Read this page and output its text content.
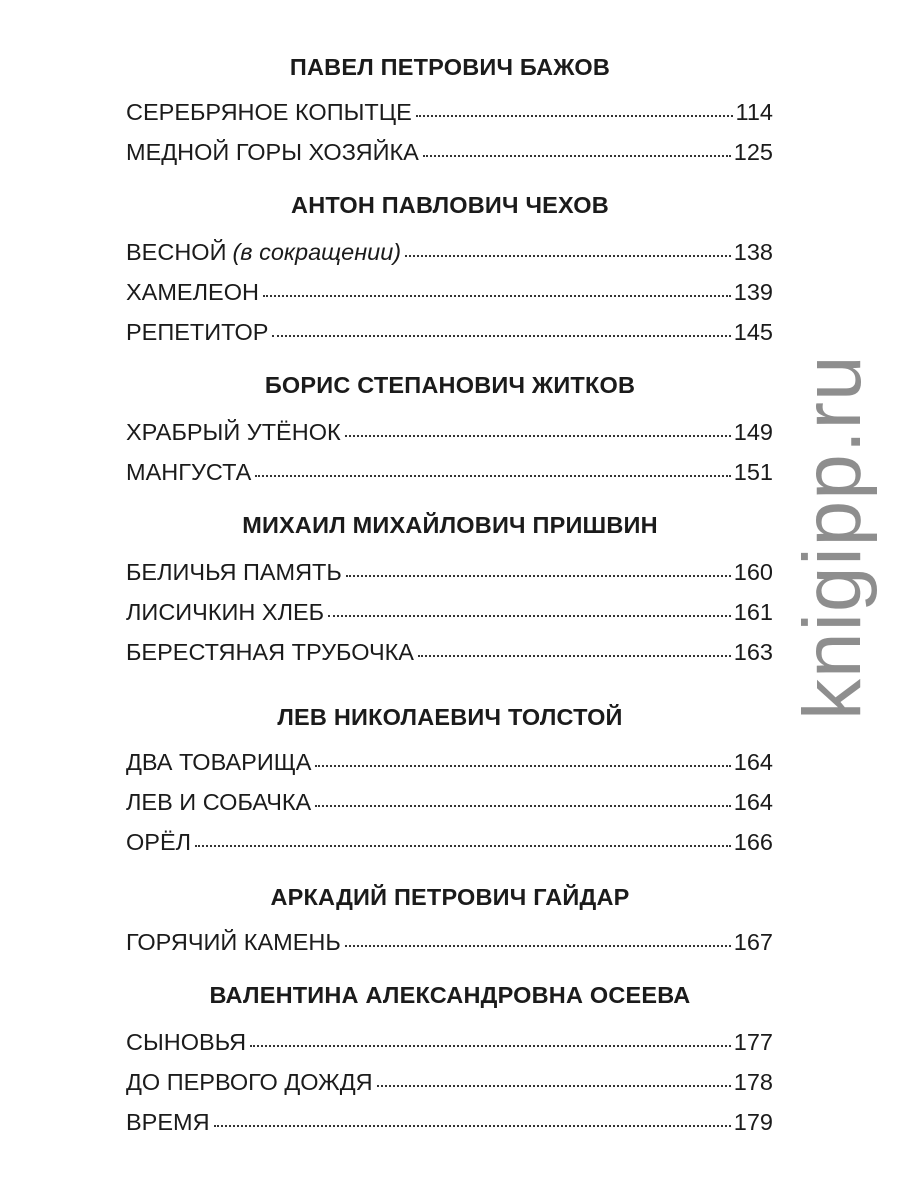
ПАВЕЛ ПЕТРОВИЧ БАЖОВ
СЕРЕБРЯНОЕ КОПЫТЦЕ	114
МЕДНОЙ ГОРЫ ХОЗЯЙКА	125
АНТОН ПАВЛОВИЧ ЧЕХОВ
ВЕСНОЙ (в сокращении)	138
ХАМЕЛЕОН	139
РЕПЕТИТОР	145
БОРИС СТЕПАНОВИЧ ЖИТКОВ
ХРАБРЫЙ УТЁНОК	149
МАНГУСТА	151
МИХАИЛ МИХАЙЛОВИЧ ПРИШВИН
БЕЛИЧЬЯ ПАМЯТЬ	160
ЛИСИЧКИН ХЛЕБ	161
БЕРЕСТЯНАЯ ТРУБОЧКА	163
ЛЕВ НИКОЛАЕВИЧ ТОЛСТОЙ
ДВА ТОВАРИЩА	164
ЛЕВ И СОБАЧКА	164
ОРЁЛ	166
АРКАДИЙ ПЕТРОВИЧ ГАЙДАР
ГОРЯЧИЙ КАМЕНЬ	167
ВАЛЕНТИНА АЛЕКСАНДРОВНА ОСЕЕВА
СЫНОВЬЯ	177
ДО ПЕРВОГО ДОЖДЯ	178
ВРЕМЯ	179
knigipp.ru
